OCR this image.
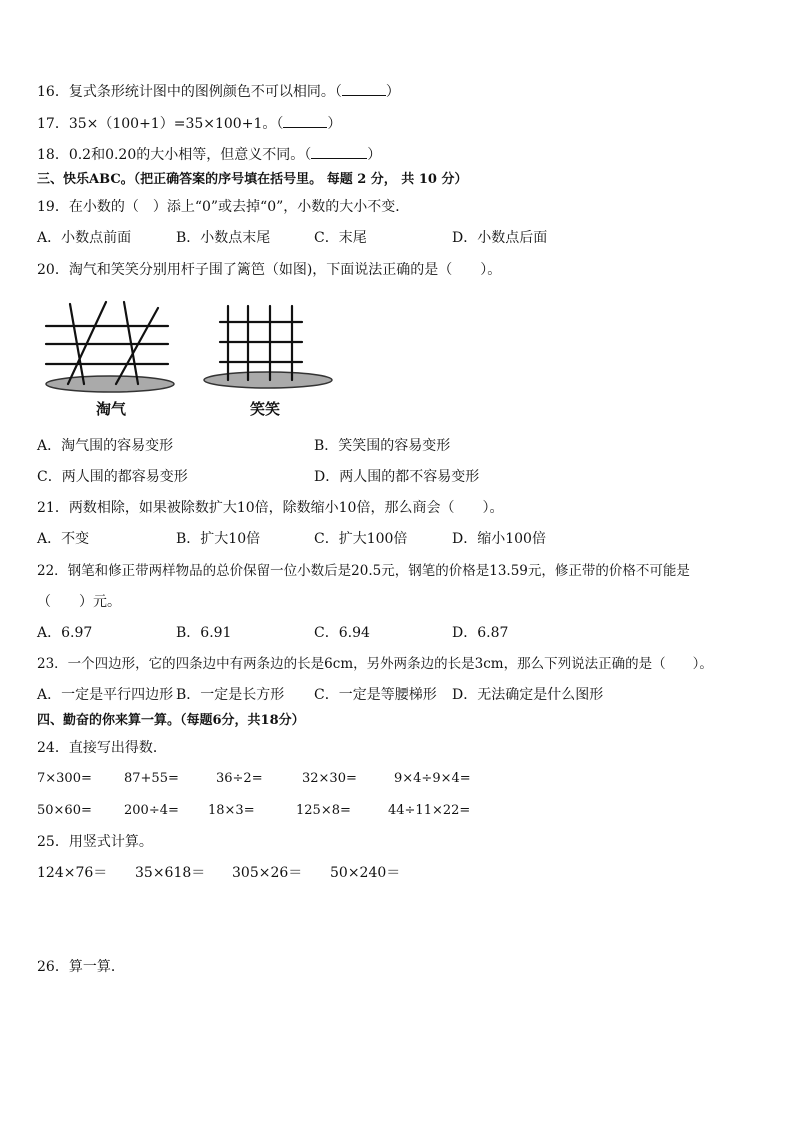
16．复式条形统计图中的图例颜色不可以相同。（	）
17．35×（100+1）=35×100+1。（	）
18．0.2和0.20的大小相等，但意义不同。（	）
三、快乐ABC。（把正确答案的序号填在括号里。 每题 2 分， 共 10 分）
19．在小数的（　）添上“0”或去掉“0”，小数的大小不变．
A．小数点前面	B．小数点末尾	C．末尾	D．小数点后面
20．淘气和笑笑分别用杆子围了篱笆（如图)，下面说法正确的是（　　）。
淘气	笑笑
A．淘气围的容易变形	B．笑笑围的容易变形
C．两人围的都容易变形	D．两人围的都不容易变形
21．两数相除，如果被除数扩大10倍，除数缩小10倍，那么商会（　　）。
A．不变	B．扩大10倍	C．扩大100倍	D．缩小100倍
22．钢笔和修正带两样物品的总价保留一位小数后是20.5元，钢笔的价格是13.59元，修正带的价格不可能是
（　　）元。
A．6.97	B．6.91	C．6.94	D．6.87
23．一个四边形，它的四条边中有两条边的长是6cm，另外两条边的长是3cm，那么下列说法正确的是（　　）。
A．一定是平行四边形 B．一定是长方形 C．一定是等腰梯形 D．无法确定是什么图形
四、勤奋的你来算一算。（每题6分，共18分）
24．直接写出得数．
7×300= 87+55=	36÷2=	32×30=	9×4÷9×4=
50×60= 200÷4= 18×3=	125×8=	44÷11×22=
25．用竖式计算。
124×76＝ 35×618＝ 305×26＝ 50×240＝
26．算一算．
